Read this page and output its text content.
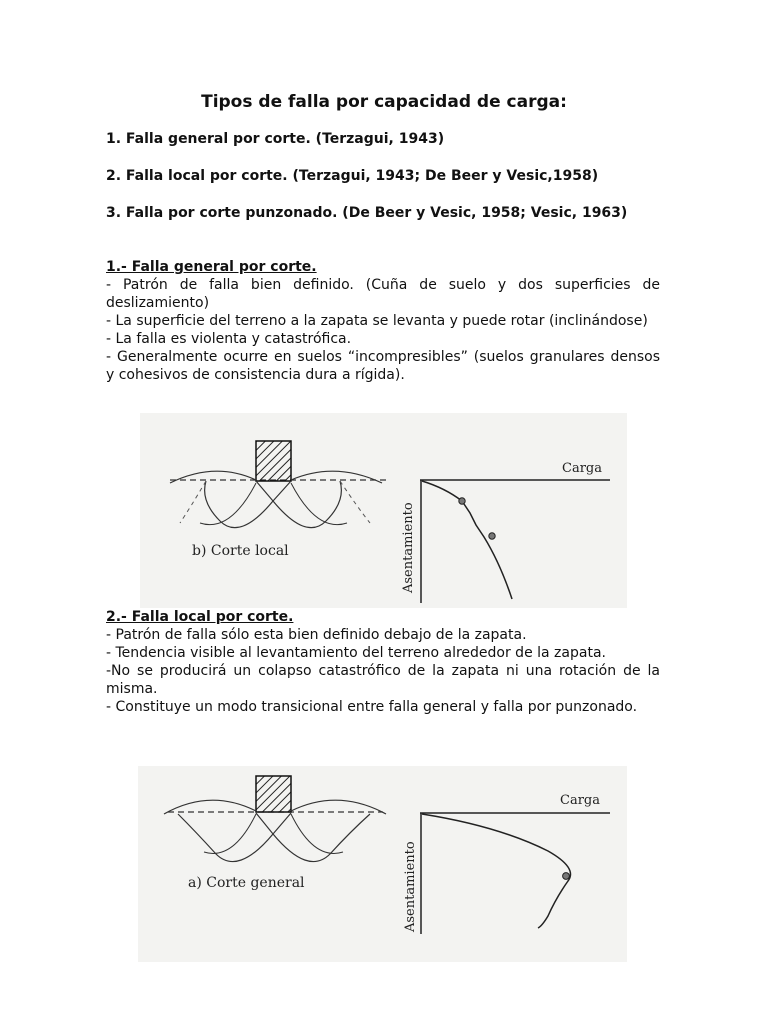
Tipos de falla por capacidad de carga:
1. Falla general por corte. (Terzagui, 1943)
2. Falla local por corte. (Terzagui, 1943; De Beer y Vesic,1958)
3. Falla por corte punzonado. (De Beer y Vesic, 1958; Vesic, 1963)
1.- Falla general por corte.
- Patrón de falla bien definido. (Cuña de suelo y dos superficies de deslizamiento)
- La superficie del terreno a la zapata se levanta y puede rotar (inclinándose)
- La falla es violenta y catastrófica.
- Generalmente ocurre en suelos “incompresibles” (suelos granulares densos y cohesivos de consistencia dura a rígida).
b) Corte local
Carga
Asentamiento
2.- Falla local por corte.
- Patrón de falla sólo esta bien definido debajo de la zapata.
- Tendencia visible al levantamiento del terreno alrededor de la zapata.
-No se producirá un colapso catastrófico de la zapata ni una rotación de la misma.
- Constituye un modo transicional entre falla general y falla por punzonado.
a) Corte general
Carga
Asentamiento
